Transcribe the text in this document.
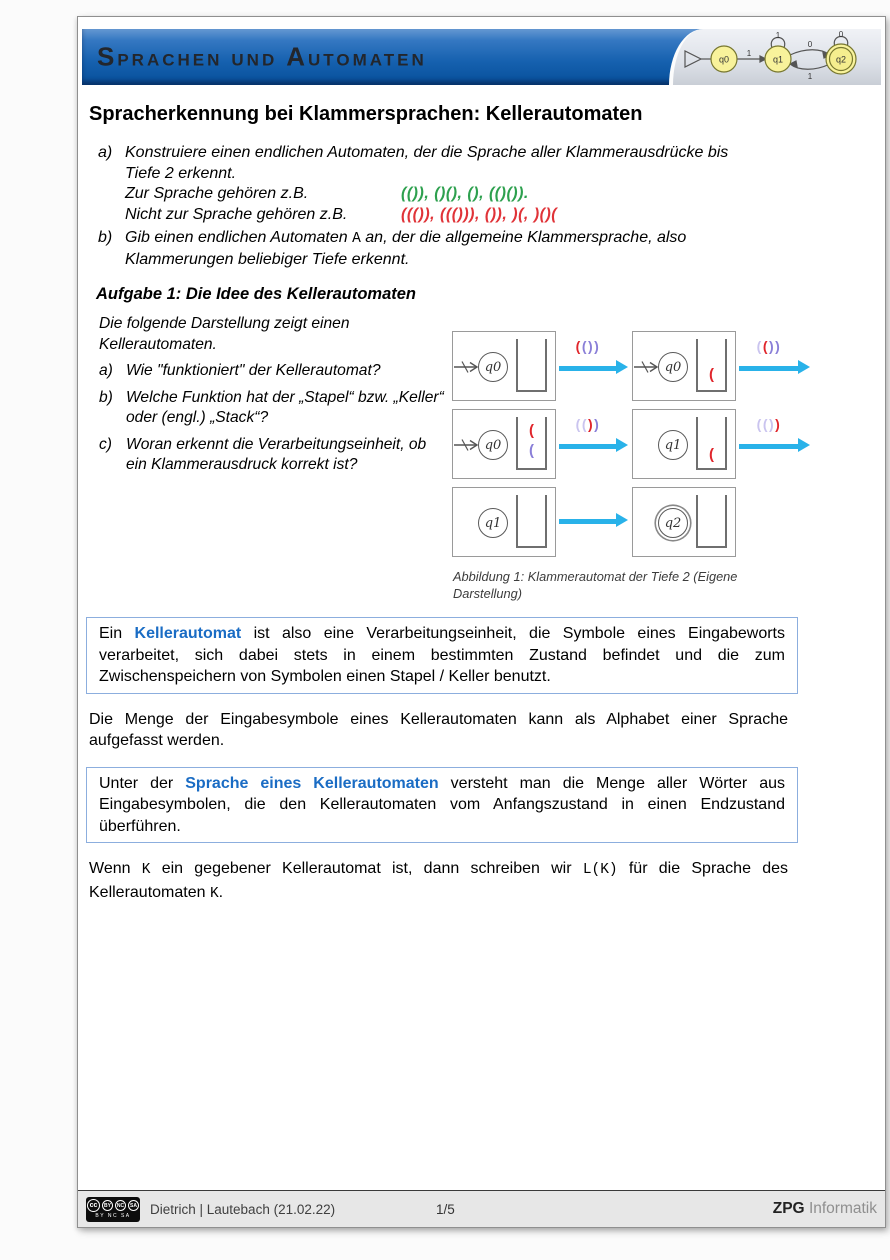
SPRACHEN UND AUTOMATEN	q0	q1	q2
1
1
0
1
0
Spracherkennung bei Klammersprachen: Kellerautomaten
a) Konstruiere einen endlichen Automaten, der die Sprache aller Klammerausdrücke bis Tiefe 2 erkennt.
Zur Sprache gehören z.B.	(()), ()(), (), (()()).
Nicht zur Sprache gehören z.B.	((()), ((())), ()), )(, )()(
b) Gib einen endlichen Automaten A an, der die allgemeine Klammersprache, also Klammerungen beliebiger Tiefe erkennt.
Aufgabe 1: Die Idee des Kellerautomaten
Die folgende Darstellung zeigt einen Kellerautomaten.
a) Wie "funktioniert" der Kellerautomat?
b) Welche Funktion hat der „Stapel“ bzw. „Keller“ oder (engl.) „Stack“?
c) Woran erkennt die Verarbeitungseinheit, ob ein Klammerausdruck korrekt ist?
q0
(())
q0	(
(())
q0
(
(
(())
q1
(
(())
q1	q2
Abbildung 1: Klammerautomat der Tiefe 2 (Eigene Darstellung)
Ein Kellerautomat ist also eine Verarbeitungseinheit, die Symbole eines Eingabeworts verarbeitet, sich dabei stets in einem bestimmten Zustand befindet und die zum Zwischenspeichern von Symbolen einen Stapel / Keller benutzt.
Die Menge der Eingabesymbole eines Kellerautomaten kann als Alphabet einer Sprache aufgefasst werden.
Unter der Sprache eines Kellerautomaten versteht man die Menge aller Wörter aus Eingabesymbolen, die den Kellerautomaten vom Anfangszustand in einen Endzustand überführen.
Wenn K ein gegebener Kellerautomat ist, dann schreiben wir L(K) für die Sprache des Kellerautomaten K.
cc	BY	NC	SA
BY NC SA Dietrich | Lautebach (21.02.22)	1/5	ZPG Informatik
